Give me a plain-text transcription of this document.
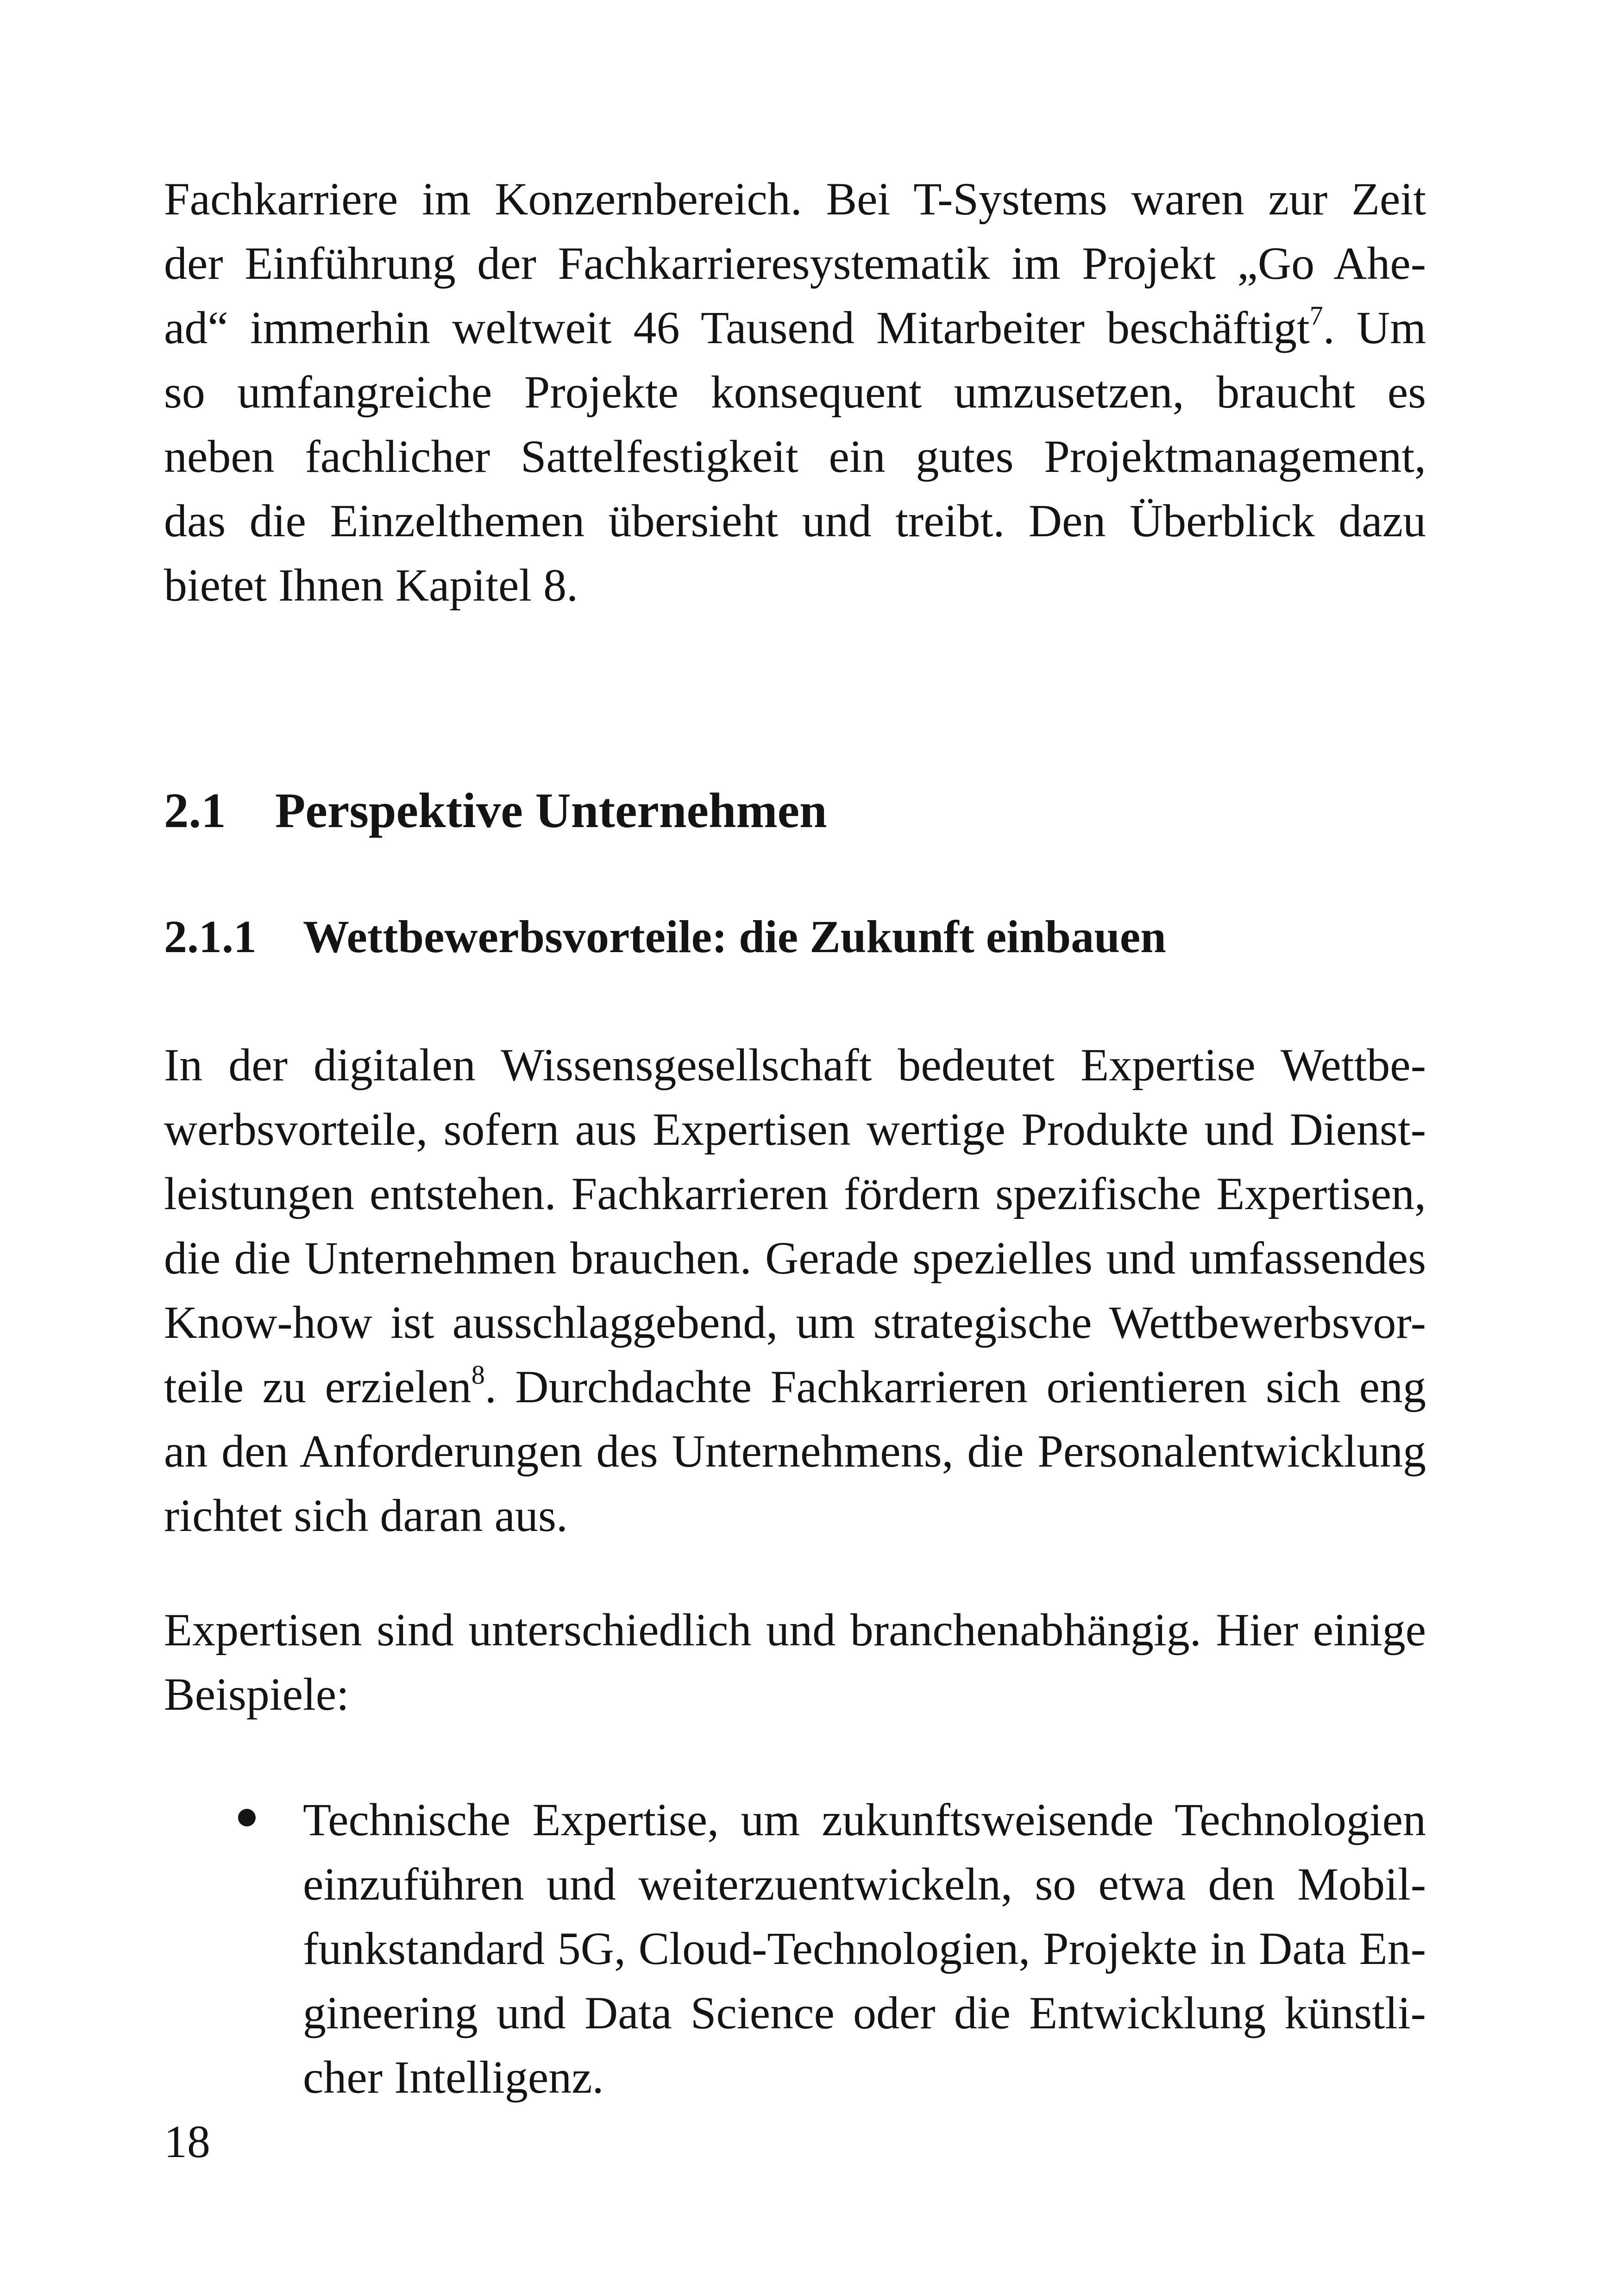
Fachkarriere im Konzernbereich. Bei T-Systems waren zur Zeit
der Einführung der Fachkarrieresystematik im Projekt „Go Ahe-
ad“ immerhin weltweit 46 Tausend Mitarbeiter beschäftigt$^7$. Um
so umfangreiche Projekte konsequent umzusetzen, braucht es
neben fachlicher Sattelfestigkeit ein gutes Projektmanagement,
das die Einzelthemen übersieht und treibt. Den Überblick dazu
bietet Ihnen Kapitel 8.

2.1 Perspektive Unternehmen
2.1.1 Wettbewerbsvorteile: die Zukunft einbauen

In der digitalen Wissensgesellschaft bedeutet Expertise Wettbe-
werbsvorteile, sofern aus Expertisen wertige Produkte und Dienst-
leistungen entstehen. Fachkarrieren fördern spezifische Expertisen,
die die Unternehmen brauchen. Gerade spezielles und umfassendes
Know-how ist ausschlaggebend, um strategische Wettbewerbsvor-
teile zu erzielen$^8$. Durchdachte Fachkarrieren orientieren sich eng
an den Anforderungen des Unternehmens, die Personalentwicklung
richtet sich daran aus.

Expertisen sind unterschiedlich und branchenabhängig. Hier einige
Beispiele:

Technische Expertise, um zukunftsweisende Technologien
einzuführen und weiterzuentwickeln, so etwa den Mobil-
funkstandard 5G, Cloud-Technologien, Projekte in Data En-
gineering und Data Science oder die Entwicklung künstli-
cher Intelligenz.

18
